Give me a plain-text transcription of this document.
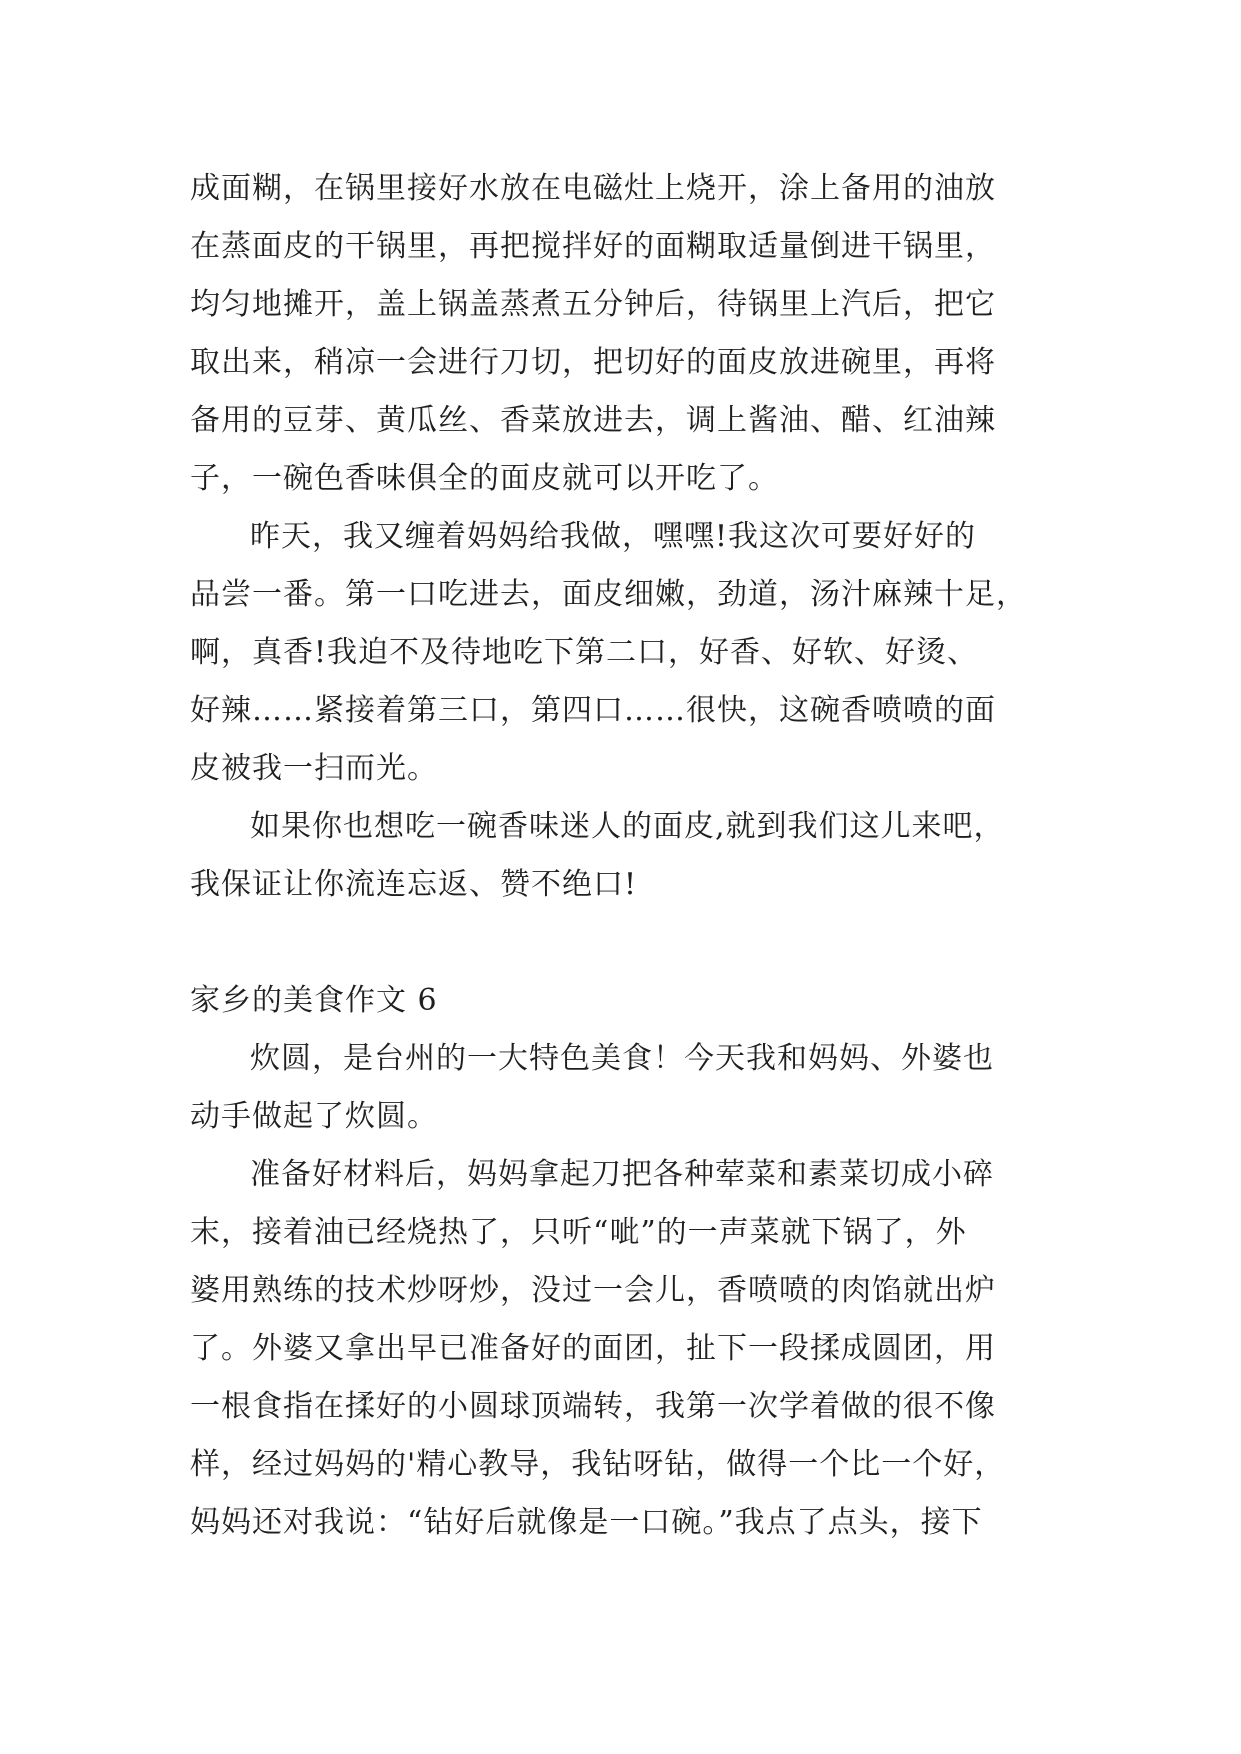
成面糊，在锅里接好水放在电磁灶上烧开，涂上备用的油放
在蒸面皮的干锅里，再把搅拌好的面糊取适量倒进干锅里，
均匀地摊开，盖上锅盖蒸煮五分钟后，待锅里上汽后，把它
取出来，稍凉一会进行刀切，把切好的面皮放进碗里，再将
备用的豆芽、黄瓜丝、香菜放进去，调上酱油、醋、红油辣
子，一碗色香味俱全的面皮就可以开吃了。
昨天，我又缠着妈妈给我做，嘿嘿!我这次可要好好的
品尝一番。第一口吃进去，面皮细嫩，劲道，汤汁麻辣十足，
啊，真香!我迫不及待地吃下第二口，好香、好软、好烫、
好辣……紧接着第三口，第四口……很快，这碗香喷喷的面
皮被我一扫而光。
如果你也想吃一碗香味迷人的面皮,就到我们这儿来吧，
我保证让你流连忘返、赞不绝口!
家乡的美食作文 6
炊圆，是台州的一大特色美食！今天我和妈妈、外婆也
动手做起了炊圆。
准备好材料后，妈妈拿起刀把各种荤菜和素菜切成小碎
末，接着油已经烧热了，只听“呲”的一声菜就下锅了，外
婆用熟练的技术炒呀炒，没过一会儿，香喷喷的肉馅就出炉
了。外婆又拿出早已准备好的面团，扯下一段揉成圆团，用
一根食指在揉好的小圆球顶端转，我第一次学着做的很不像
样，经过妈妈的'精心教导，我钻呀钻，做得一个比一个好，
妈妈还对我说：“钻好后就像是一口碗。”我点了点头，接下
